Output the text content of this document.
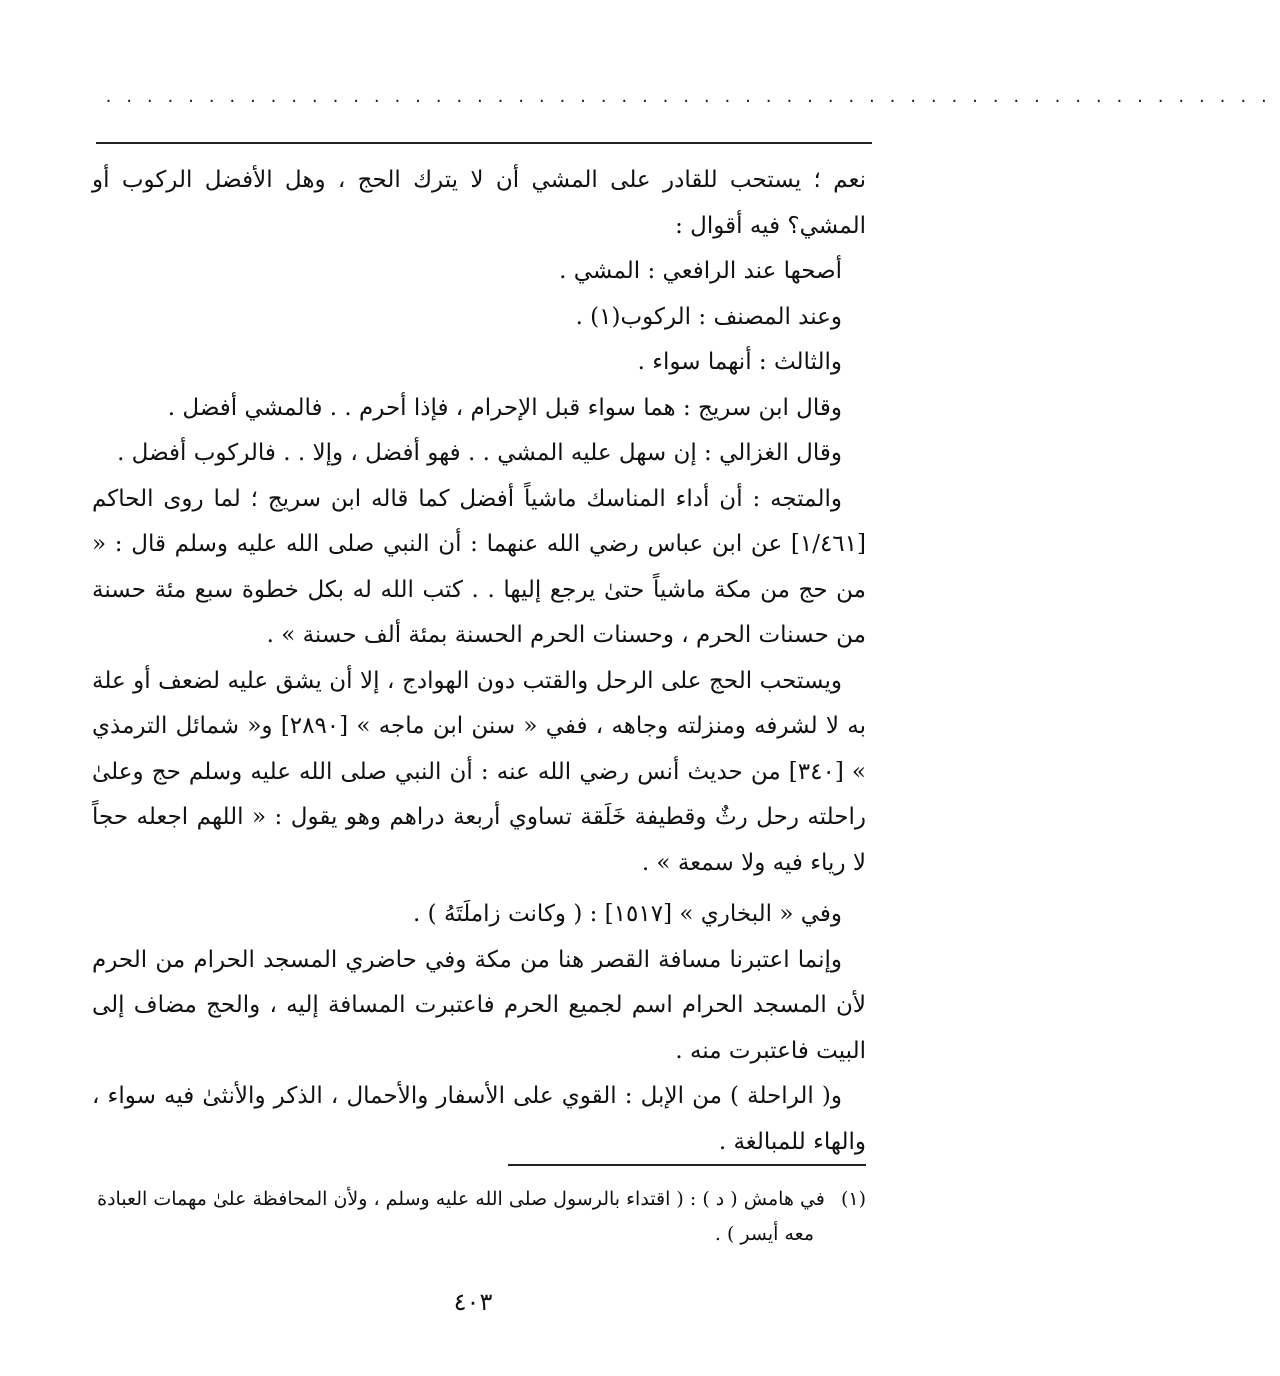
.........................................................

نعم ؛ يستحب للقادر على المشي أن لا يترك الحج ، وهل الأفضل الركوب أو المشي؟ فيه أقوال :

أصحها عند الرافعي : المشي .

وعند المصنف : الركوب(١) .

والثالث : أنهما سواء .

وقال ابن سريج : هما سواء قبل الإحرام ، فإذا أحرم . . فالمشي أفضل .

وقال الغزالي : إن سهل عليه المشي . . فهو أفضل ، وإلا . . فالركوب أفضل .

والمتجه : أن أداء المناسك ماشياً أفضل كما قاله ابن سريج ؛ لما روى الحاكم [١/٤٦١] عن ابن عباس رضي الله عنهما : أن النبي صلى الله عليه وسلم قال : « من حج من مكة ماشياً حتىٰ يرجع إليها . . كتب الله له بكل خطوة سبع مئة حسنة من حسنات الحرم ، وحسنات الحرم الحسنة بمئة ألف حسنة » .

ويستحب الحج على الرحل والقتب دون الهوادج ، إلا أن يشق عليه لضعف أو علة به لا لشرفه ومنزلته وجاهه ، ففي « سنن ابن ماجه » [٢٨٩٠] و« شمائل الترمذي » [٣٤٠] من حديث أنس رضي الله عنه : أن النبي صلى الله عليه وسلم حج وعلىٰ راحلته رحل رثٌ وقطيفة خَلَقة تساوي أربعة دراهم وهو يقول : « اللهم اجعله حجاً لا رياء فيه ولا سمعة » .

وفي « البخاري » [١٥١٧] : ( وكانت زاملَتَهُ ) .

وإنما اعتبرنا مسافة القصر هنا من مكة وفي حاضري المسجد الحرام من الحرم لأن المسجد الحرام اسم لجميع الحرم فاعتبرت المسافة إليه ، والحج مضاف إلى البيت فاعتبرت منه .

و( الراحلة ) من الإبل : القوي على الأسفار والأحمال ، الذكر والأنثىٰ فيه سواء ، والهاء للمبالغة .

(١) في هامش ( د ) : ( اقتداء بالرسول صلى الله عليه وسلم ، ولأن المحافظة علىٰ مهمات العبادة
معه أيسر ) .
٤٠٣
